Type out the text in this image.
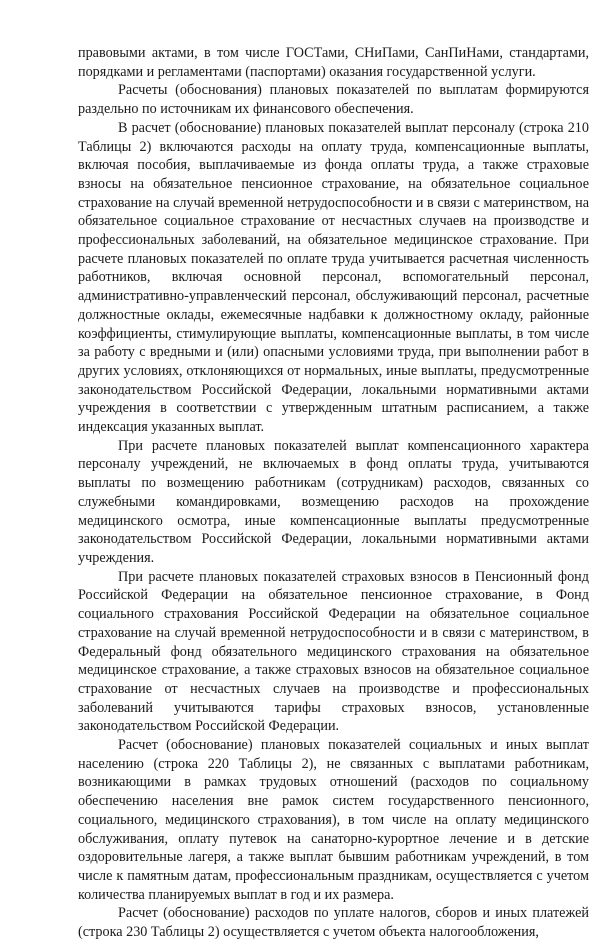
правовыми актами, в том числе ГОСТами, СНиПами, СанПиНами, стандартами, порядками и регламентами (паспортами) оказания государственной услуги.

Расчеты (обоснования) плановых показателей по выплатам формируются раздельно по источникам их финансового обеспечения.

В расчет (обоснование) плановых показателей выплат персоналу (строка 210 Таблицы 2) включаются расходы на оплату труда, компенсационные выплаты, включая пособия, выплачиваемые из фонда оплаты труда, а также страховые взносы на обязательное пенсионное страхование, на обязательное социальное страхование на случай временной нетрудоспособности и в связи с материнством, на обязательное социальное страхование от несчастных случаев на производстве и профессиональных заболеваний, на обязательное медицинское страхование. При расчете плановых показателей по оплате труда учитывается расчетная численность работников, включая основной персонал, вспомогательный персонал, административно-управленческий персонал, обслуживающий персонал, расчетные должностные оклады, ежемесячные надбавки к должностному окладу, районные коэффициенты, стимулирующие выплаты, компенсационные выплаты, в том числе за работу с вредными и (или) опасными условиями труда, при выполнении работ в других условиях, отклоняющихся от нормальных, иные выплаты, предусмотренные законодательством Российской Федерации, локальными нормативными актами учреждения в соответствии с утвержденным штатным расписанием, а также индексация указанных выплат.

При расчете плановых показателей выплат компенсационного характера персоналу учреждений, не включаемых в фонд оплаты труда, учитываются выплаты по возмещению работникам (сотрудникам) расходов, связанных со служебными командировками, возмещению расходов на прохождение медицинского осмотра, иные компенсационные выплаты предусмотренные законодательством Российской Федерации, локальными нормативными актами учреждения.

При расчете плановых показателей страховых взносов в Пенсионный фонд Российской Федерации на обязательное пенсионное страхование, в Фонд социального страхования Российской Федерации на обязательное социальное страхование на случай временной нетрудоспособности и в связи с материнством, в Федеральный фонд обязательного медицинского страхования на обязательное медицинское страхование, а также страховых взносов на обязательное социальное страхование от несчастных случаев на производстве и профессиональных заболеваний учитываются тарифы страховых взносов, установленные законодательством Российской Федерации.

Расчет (обоснование) плановых показателей социальных и иных выплат населению (строка 220 Таблицы 2), не связанных с выплатами работникам, возникающими в рамках трудовых отношений (расходов по социальному обеспечению населения вне рамок систем государственного пенсионного, социального, медицинского страхования), в том числе на оплату медицинского обслуживания, оплату путевок на санаторно-курортное лечение и в детские оздоровительные лагеря, а также выплат бывшим работникам учреждений, в том числе к памятным датам, профессиональным праздникам, осуществляется с учетом количества планируемых выплат в год и их размера.

Расчет (обоснование) расходов по уплате налогов, сборов и иных платежей (строка 230 Таблицы 2) осуществляется с учетом объекта налогообложения,
